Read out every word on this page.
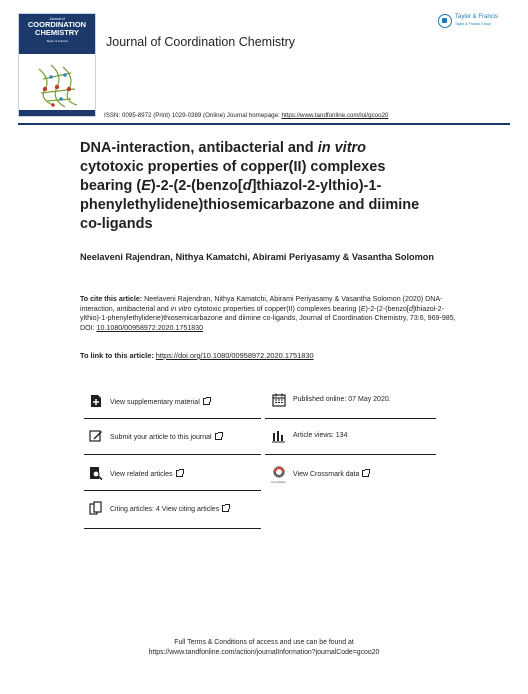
Journal of
COORDINATION
CHEMISTRY
Taylor & Francis	Journal of Coordination Chemistry
Taylor & Francis
Taylor & Francis Group
ISSN: 0095-8972 (Print) 1029-0389 (Online) Journal homepage: https://www.tandfonline.com/loi/gcoo20
DNA-interaction, antibacterial and in vitro
cytotoxic properties of copper(II) complexes
bearing (E)-2-(2-(benzo[d]thiazol-2-ylthio)-1-
phenylethylidene)thiosemicarbazone and diimine
co-ligands
Neelaveni Rajendran, Nithya Kamatchi, Abirami Periyasamy & Vasantha Solomon
To cite this article: Neelaveni Rajendran, Nithya Kamatchi, Abirami Periyasamy & Vasantha Solomon (2020) DNA-interaction, antibacterial and in vitro cytotoxic properties of copper(II) complexes bearing (E)-2-(2-(benzo[d]thiazol-2-ylthio)-1-phenylethylidene)thiosemicarbazone and diimine co-ligands, Journal of Coordination Chemistry, 73:6, 969-985, DOI: 10.1080/00958972.2020.1751830
To link to this article: https://doi.org/10.1080/00958972.2020.1751830
View supplementary material
Submit your article to this journal
View related articles
Citing articles: 4 View citing articles
Published online: 07 May 2020.
Article views: 134
View Crossmark data
CrossMark
Full Terms & Conditions of access and use can be found at
https://www.tandfonline.com/action/journalInformation?journalCode=gcoo20
